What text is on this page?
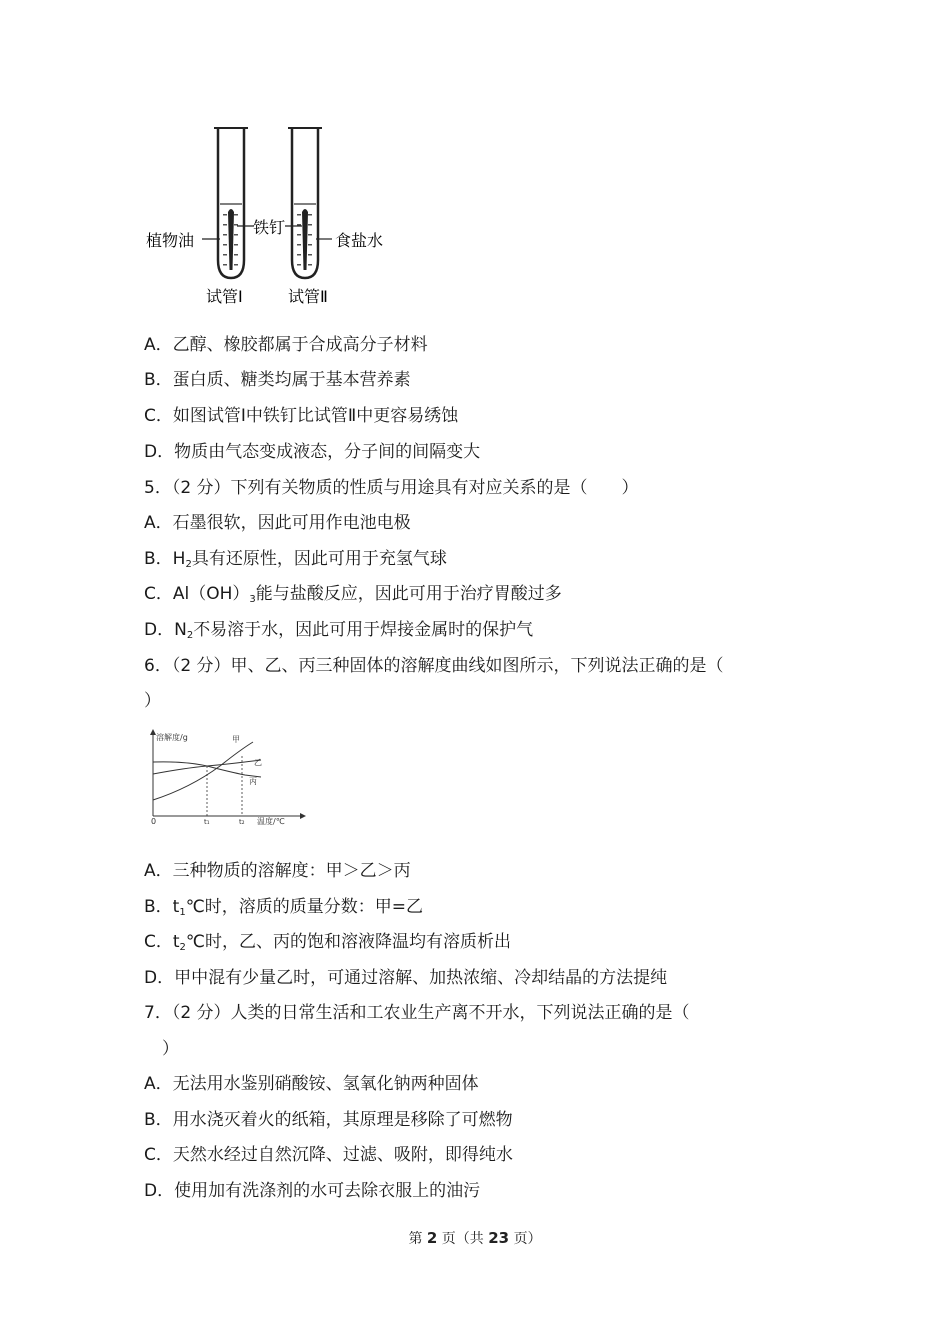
植物油
铁钉
食盐水
试管Ⅰ	试管Ⅱ
A．乙醇、橡胶都属于合成高分子材料
B．蛋白质、糖类均属于基本营养素
C．如图试管Ⅰ中铁钉比试管Ⅱ中更容易绣蚀
D．物质由气态变成液态，分子间的间隔变大
5．（2 分）下列有关物质的性质与用途具有对应关系的是（　　）
A．石墨很软，因此可用作电池电极
B．$H_2$具有还原性，因此可用于充氢气球
C．$Al(OH)_3$能与盐酸反应，因此可用于治疗胃酸过多
D．$N_2$不易溶于水，因此可用于焊接金属时的保护气
6．（2 分）甲、乙、丙三种固体的溶解度曲线如图所示，下列说法正确的是（
）
溶解度/g
温度/℃
0	t₁	t₂
甲
乙
丙
A．三种物质的溶解度：甲＞乙＞丙
B．$t_1℃$时，溶质的质量分数：甲=乙
C．$t_2℃$时，乙、丙的饱和溶液降温均有溶质析出
D．甲中混有少量乙时，可通过溶解、加热浓缩、冷却结晶的方法提纯
7．（2 分）人类的日常生活和工农业生产离不开水，下列说法正确的是（
）
A．无法用水鉴别硝酸铵、氢氧化钠两种固体
B．用水浇灭着火的纸箱，其原理是移除了可燃物
C．天然水经过自然沉降、过滤、吸附，即得纯水
D．使用加有洗涤剂的水可去除衣服上的油污
第 2 页（共 23 页）
